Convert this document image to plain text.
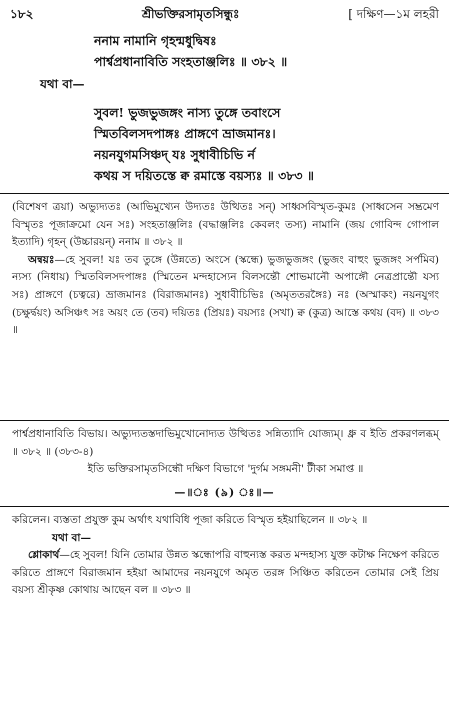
১৮২	শ্রীভক্তিরসামৃতসিন্ধুঃ	[ দক্ষিণ—১ম লহরী
ননাম নামানি গৃহন্মধুদ্বিষঃ
পার্শ্বপ্রধানাবিতি সংহতাঞ্জলিঃ ॥ ৩৮২ ॥
যথা বা—
সুবল! ভুজভুজঙ্গং নাস্য তুঙ্গে তবাংসে
স্মিতবিলসদপাঙ্গঃ প্রাঙ্গণে ভ্রাজমানঃ।
নয়নযুগমসিঞ্চদ্‌ যঃ সুধাবীচিভি র্ন
কথয় স দয়িতস্তে ক্ব রমাস্তে বয়স্যঃ ॥ ৩৮৩ ॥

(বিশেষণ ত্রয়া) অভ্যুদ্যতঃ (আভিমুখ্যেন উদ্যতঃ উত্থিতঃ সন্) সাধ্বসবিস্মৃত-কুমঃ (সাধ্বসেন সম্ভ্রমেণ বিস্মৃতঃ পূজাক্রমো যেন সঃ) সংহতাঞ্জলিঃ (বদ্ধাঞ্জলিঃ কেবলং তস্য) নামানি (জয় গোবিন্দ গোপাল ইত্যাদি) গৃহন্ (উচ্চারয়ন্) ননাম ॥ ৩৮২ ॥

অন্বয়ঃ—হে সুবল! যঃ তব তুঙ্গে (উন্নতে) অংসে (স্কন্ধে) ভুজভুজঙ্গং (ভুজং বাহুং ভুজঙ্গং সর্পমিব) ন্যস্য (নিধায়) স্মিতবিলসদপাঙ্গঃ (স্মিতেন মন্দহাস্যেন বিলসন্তৌ শোভমানৌ অপাঙ্গৌ নেত্রপ্রান্তৌ যস্য সঃ) প্রাঙ্গণে (চত্বরে) ভ্রাজমানঃ (বিরাজমানঃ) সুধাবীচিভিঃ (অমৃততরঙ্গৈঃ) নঃ (অস্মাকং) নয়নযুগং (চক্ষুর্দ্বয়ং) অসিঞ্চৎ সঃ অয়ং তে (তব) দয়িতঃ (প্রিয়ঃ) বয়স্যঃ (সখা) ক্ব (কুত্র) আস্তে কথয় (বদ) ॥ ৩৮৩ ॥

পার্শ্বপ্রধানাবিতি বিভায়। অভ্যুদ্যতস্তদাভিমুখোনোদ্যত উত্থিতঃ সন্নিত্যাদি যোজ্যম্। ধ্রু ব ইতি প্রকরণলব্ধম্ ॥ ৩৮২ ॥ (৩৮৩-৪)

ইতি ভক্তিরসামৃতসিন্ধৌ দক্ষিণ বিভাগে 'দুর্গম সঙ্গমনী' টীকা সমাপ্ত ॥

—॥ঃ (৯) ঃ॥—

করিলেন। ব্যস্ততা প্রযুক্ত কুম অর্থাৎ যথাবিধি পূজা করিতে বিস্মৃত হইয়াছিলেন ॥ ৩৮২ ॥

যথা বা—

শ্লোকার্থ—হে সুবল! যিনি তোমার উন্নত স্কন্ধোপরি বাহুন্যস্ত করত মন্দহাস্য যুক্ত কটাক্ষ নিক্ষেপ করিতে করিতে প্রাঙ্গণে বিরাজমান হইয়া আমাদের নয়নযুগে অমৃত তরঙ্গ সিঞ্চিত করিতেন তোমার সেই প্রিয় বয়স্য শ্রীকৃষ্ণ কোথায় আছেন বল ॥ ৩৮৩ ॥
